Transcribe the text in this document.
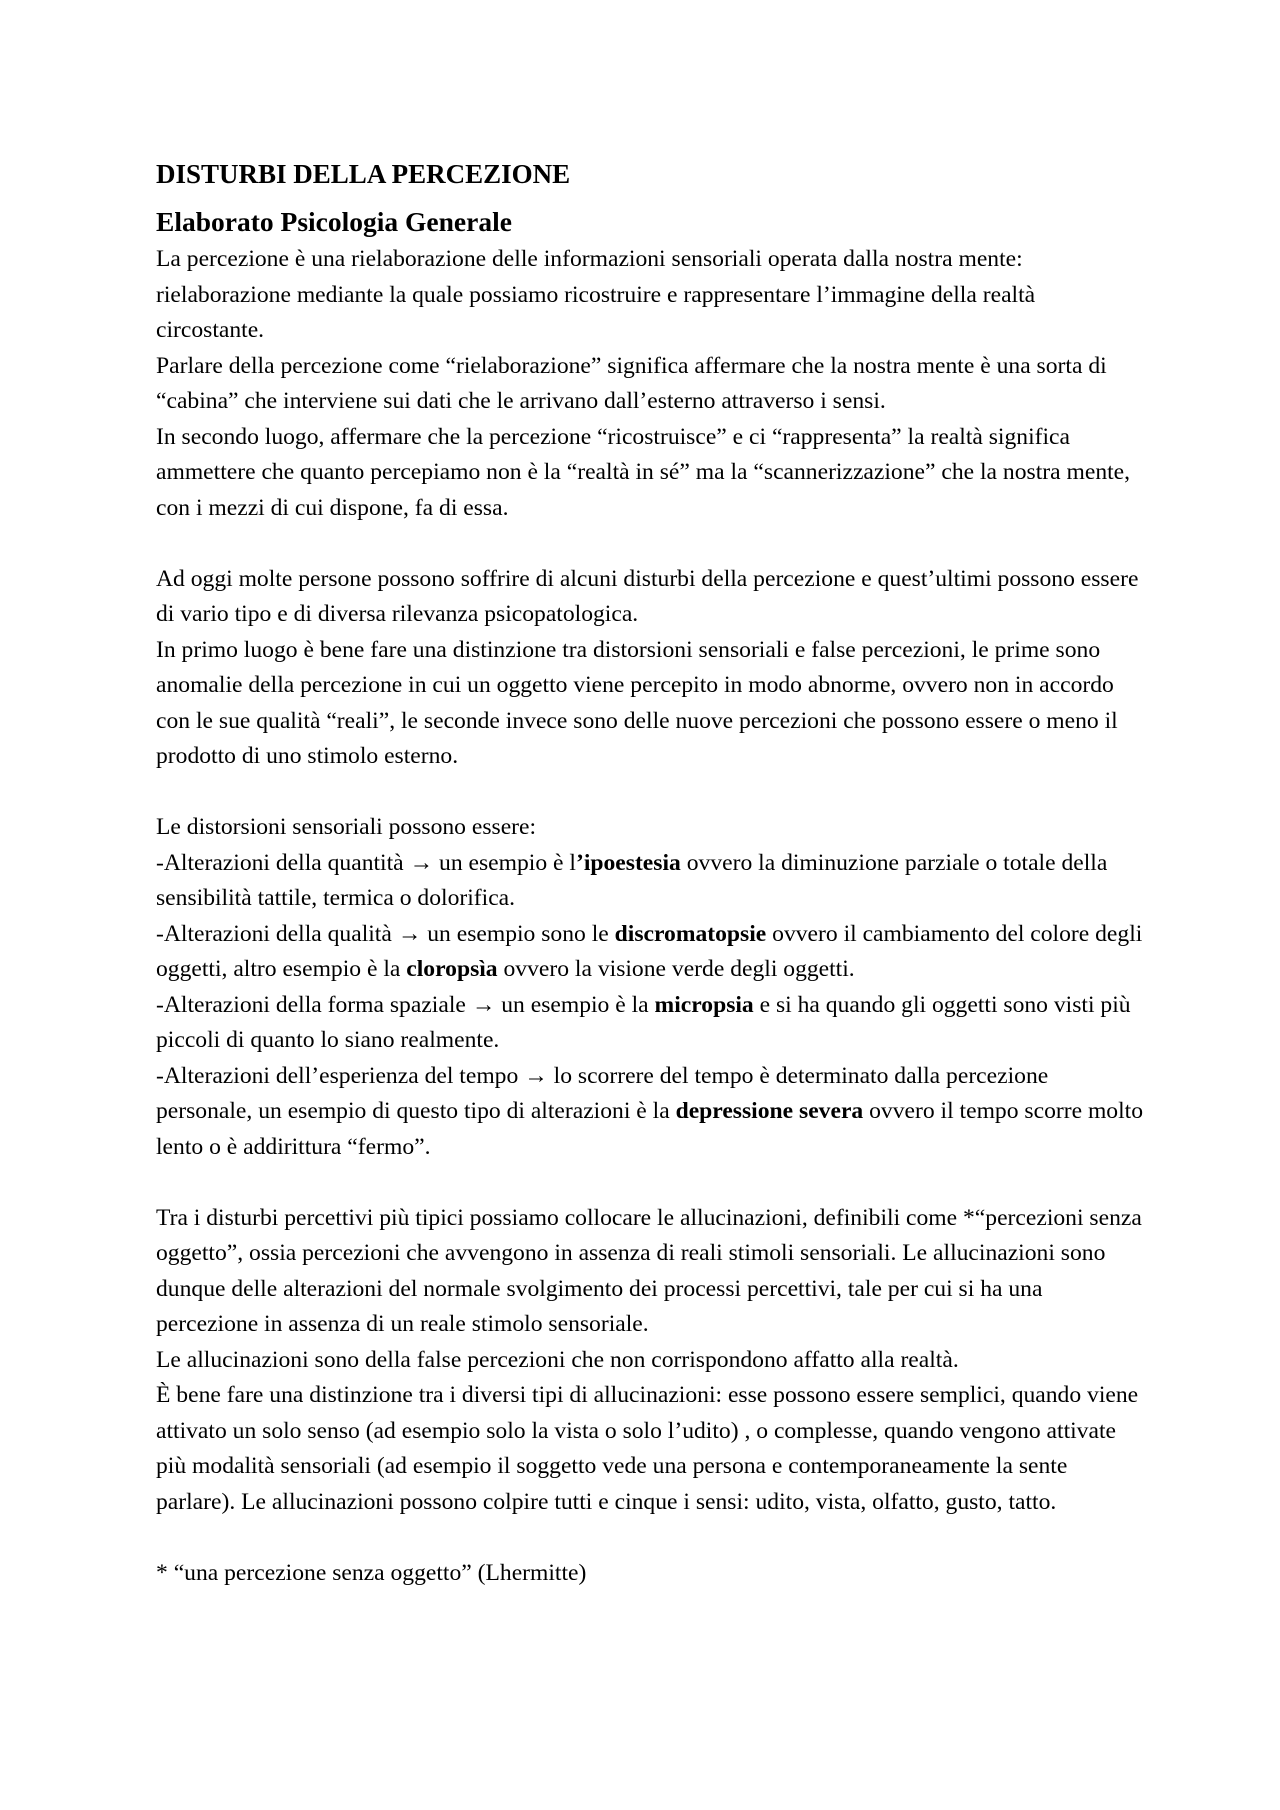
DISTURBI DELLA PERCEZIONE
Elaborato Psicologia Generale

La percezione è una rielaborazione delle informazioni sensoriali operata dalla nostra mente: rielaborazione mediante la quale possiamo ricostruire e rappresentare l’immagine della realtà circostante.

Parlare della percezione come “rielaborazione” significa affermare che la nostra mente è una sorta di “cabina” che interviene sui dati che le arrivano dall’esterno attraverso i sensi.

In secondo luogo, affermare che la percezione “ricostruisce” e ci “rappresenta” la realtà significa ammettere che quanto percepiamo non è la “realtà in sé” ma la “scannerizzazione” che la nostra mente, con i mezzi di cui dispone, fa di essa.

Ad oggi molte persone possono soffrire di alcuni disturbi della percezione e quest’ultimi possono essere di vario tipo e di diversa rilevanza psicopatologica.

In primo luogo è bene fare una distinzione tra distorsioni sensoriali e false percezioni, le prime sono anomalie della percezione in cui un oggetto viene percepito in modo abnorme, ovvero non in accordo con le sue qualità “reali”, le seconde invece sono delle nuove percezioni che possono essere o meno il prodotto di uno stimolo esterno.

Le distorsioni sensoriali possono essere:

-Alterazioni della quantità → un esempio è l’ipoestesia ovvero la diminuzione parziale o totale della sensibilità tattile, termica o dolorifica.

-Alterazioni della qualità → un esempio sono le discromatopsie ovvero il cambiamento del colore degli oggetti, altro esempio è la cloropsìa ovvero la visione verde degli oggetti.

-Alterazioni della forma spaziale → un esempio è la micropsia e si ha quando gli oggetti sono visti più piccoli di quanto lo siano realmente.

-Alterazioni dell’esperienza del tempo → lo scorrere del tempo è determinato dalla percezione personale, un esempio di questo tipo di alterazioni è la depressione severa ovvero il tempo scorre molto lento o è addirittura “fermo”.

Tra i disturbi percettivi più tipici possiamo collocare le allucinazioni, definibili come *“percezioni senza oggetto”, ossia percezioni che avvengono in assenza di reali stimoli sensoriali. Le allucinazioni sono dunque delle alterazioni del normale svolgimento dei processi percettivi, tale per cui si ha una percezione in assenza di un reale stimolo sensoriale.

Le allucinazioni sono della false percezioni che non corrispondono affatto alla realtà.

È bene fare una distinzione tra i diversi tipi di allucinazioni: esse possono essere semplici, quando viene attivato un solo senso (ad esempio solo la vista o solo l’udito) , o complesse, quando vengono attivate più modalità sensoriali (ad esempio il soggetto vede una persona e contemporaneamente la sente parlare). Le allucinazioni possono colpire tutti e cinque i sensi: udito, vista, olfatto, gusto, tatto.

* “una percezione senza oggetto” (Lhermitte)
